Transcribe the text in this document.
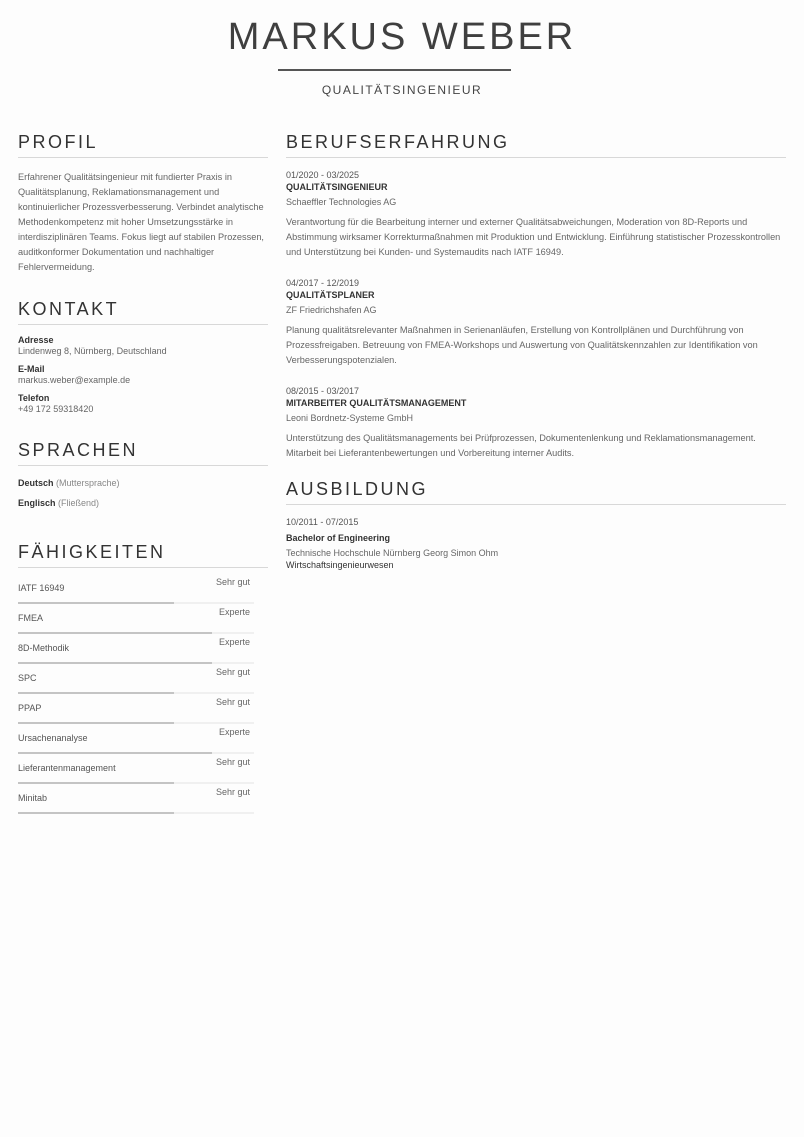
MARKUS WEBER
QUALITÄTSINGENIEUR
PROFIL
Erfahrener Qualitätsingenieur mit fundierter Praxis in Qualitätsplanung, Reklamationsmanagement und kontinuierlicher Prozessverbesserung. Verbindet analytische Methodenkompetenz mit hoher Umsetzungsstärke in interdisziplinären Teams. Fokus liegt auf stabilen Prozessen, auditkonformer Dokumentation und nachhaltiger Fehlervermeidung.
KONTAKT
Adresse
Lindenweg 8, Nürnberg, Deutschland
E-Mail
markus.weber@example.de
Telefon
+49 172 59318420
SPRACHEN
Deutsch (Muttersprache)
Englisch (Fließend)
FÄHIGKEITEN
IATF 16949
Sehr gut
FMEA
Experte
8D-Methodik
Experte
SPC
Sehr gut
PPAP
Sehr gut
Ursachenanalyse
Experte
Lieferantenmanagement
Sehr gut
Minitab
Sehr gut
BERUFSERFAHRUNG
01/2020 - 03/2025
QUALITÄTSINGENIEUR
Schaeffler Technologies AG
Verantwortung für die Bearbeitung interner und externer Qualitätsabweichungen, Moderation von 8D-Reports und Abstimmung wirksamer Korrekturmaßnahmen mit Produktion und Entwicklung. Einführung statistischer Prozesskontrollen und Unterstützung bei Kunden- und Systemaudits nach IATF 16949.
04/2017 - 12/2019
QUALITÄTSPLANER
ZF Friedrichshafen AG
Planung qualitätsrelevanter Maßnahmen in Serienanläufen, Erstellung von Kontrollplänen und Durchführung von Prozessfreigaben. Betreuung von FMEA-Workshops und Auswertung von Qualitätskennzahlen zur Identifikation von Verbesserungspotenzialen.
08/2015 - 03/2017
MITARBEITER QUALITÄTSMANAGEMENT
Leoni Bordnetz-Systeme GmbH
Unterstützung des Qualitätsmanagements bei Prüfprozessen, Dokumentenlenkung und Reklamationsmanagement. Mitarbeit bei Lieferantenbewertungen und Vorbereitung interner Audits.
AUSBILDUNG
10/2011 - 07/2015
Bachelor of Engineering
Technische Hochschule Nürnberg Georg Simon Ohm
Wirtschaftsingenieurwesen
